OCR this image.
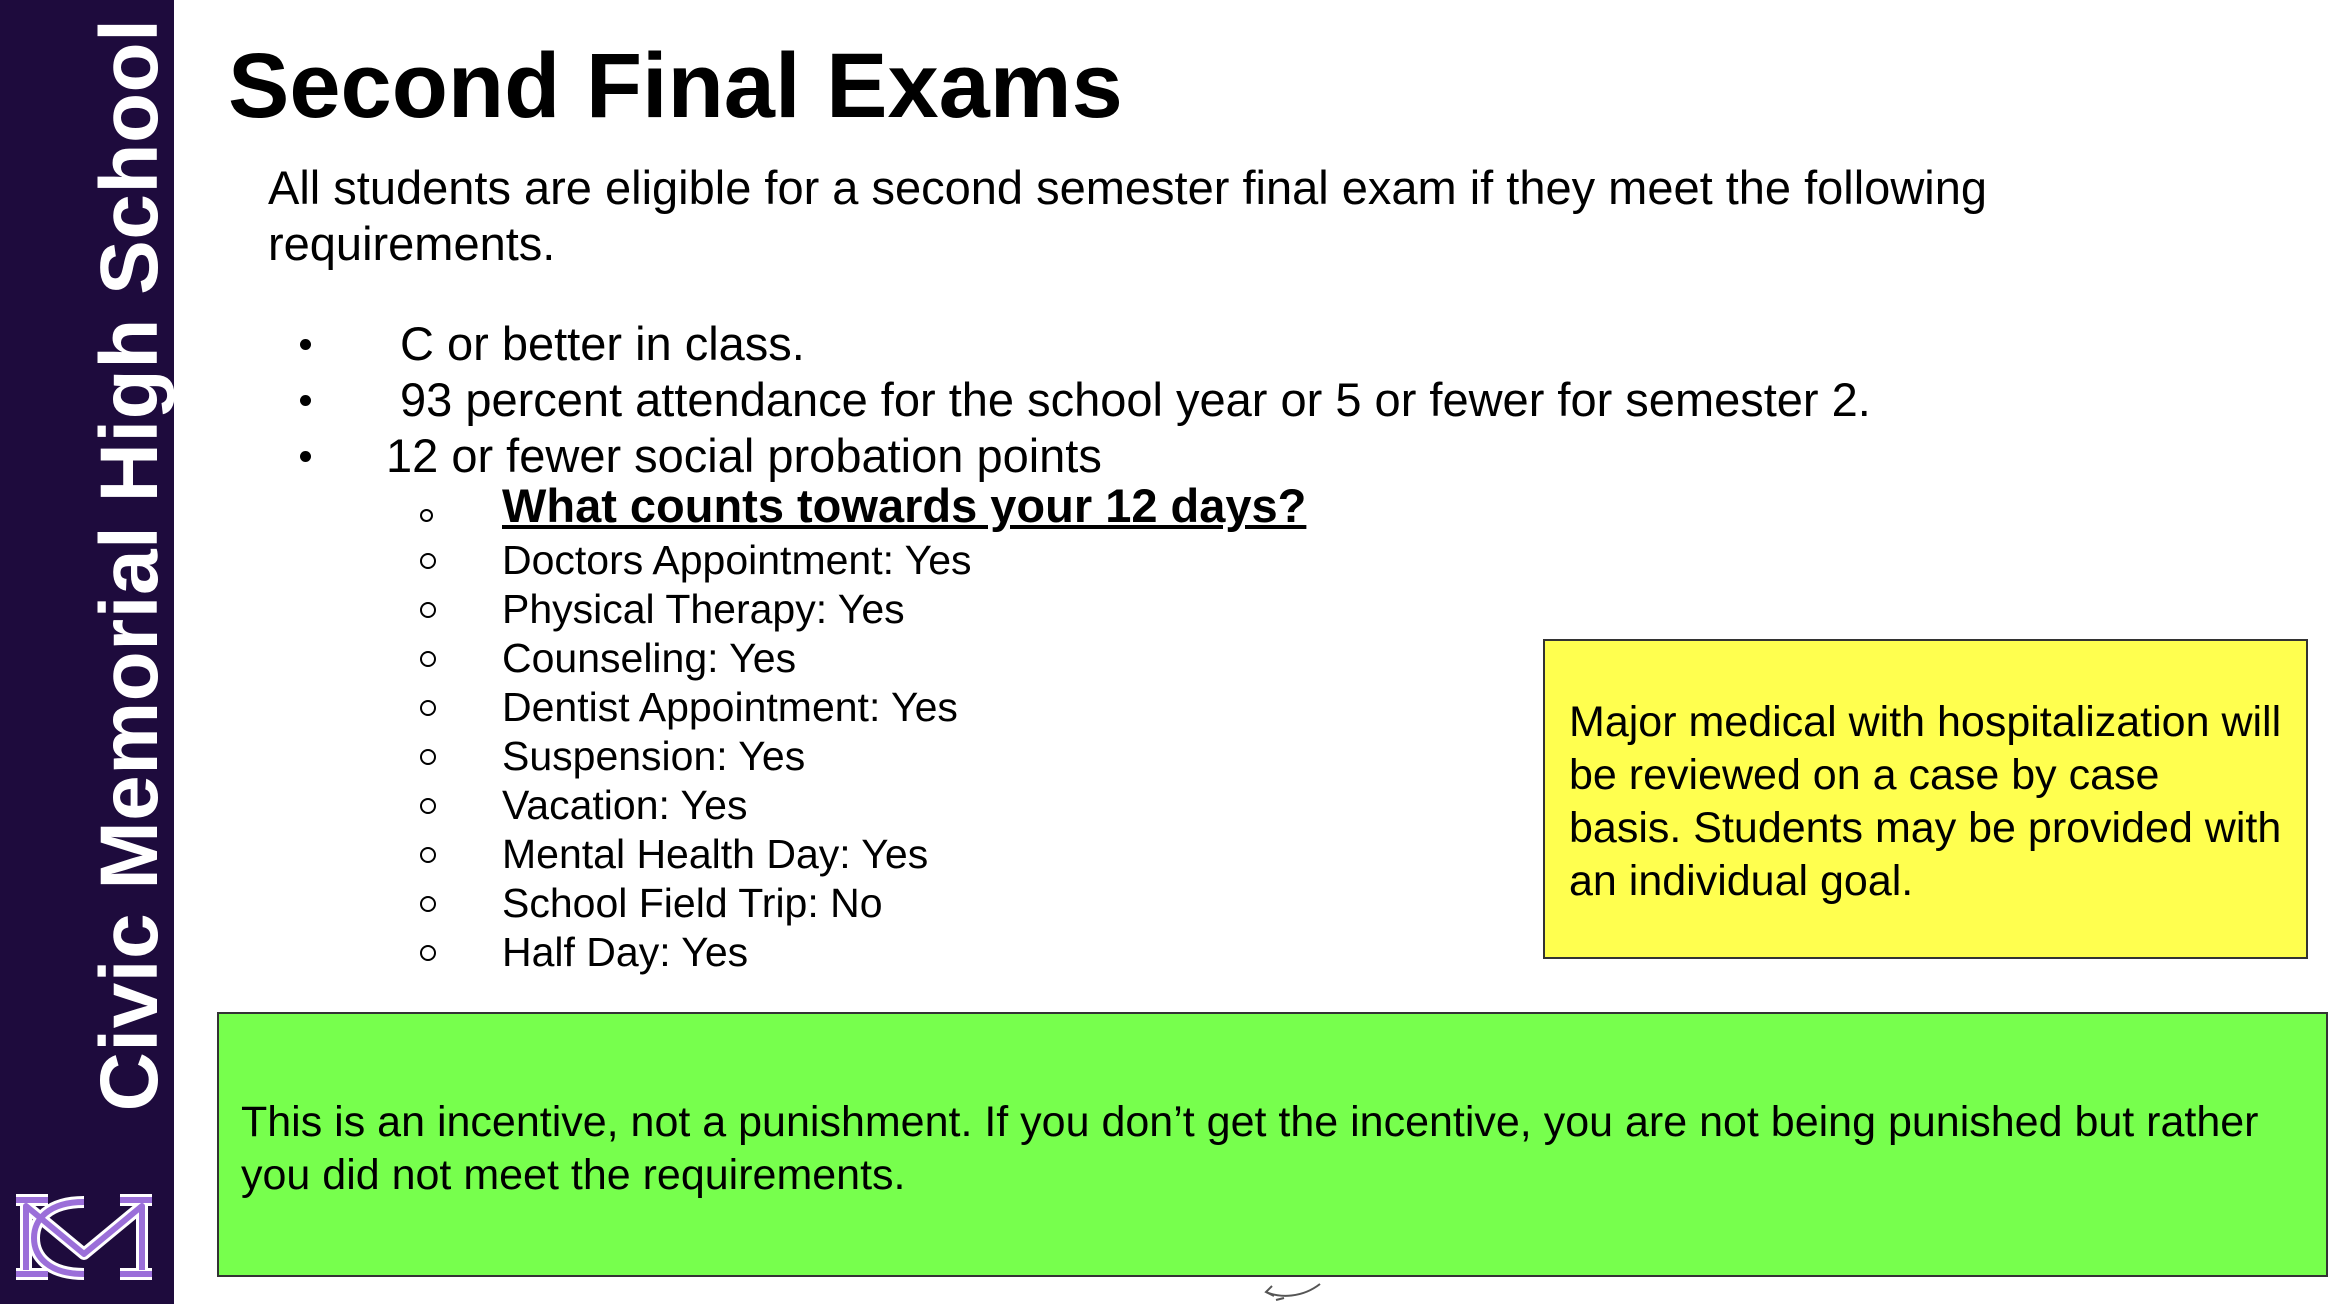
Civic Memorial High School Second Final Exams

All students are eligible for a second semester final exam if they meet the following requirements.

C or better in class.
93 percent attendance for the school year or 5 or fewer for semester 2.
12 or fewer social probation points
What counts towards your 12 days?
Doctors Appointment: Yes
Physical Therapy: Yes
Counseling: Yes
Dentist Appointment: Yes
Suspension: Yes
Vacation: Yes
Mental Health Day: Yes
School Field Trip: No
Half Day: Yes
Major medical with hospitalization will be reviewed on a case by case basis. Students may be provided with an individual goal.
This is an incentive, not a punishment. If you don’t get the incentive, you are not being punished but rather you did not meet the requirements.
